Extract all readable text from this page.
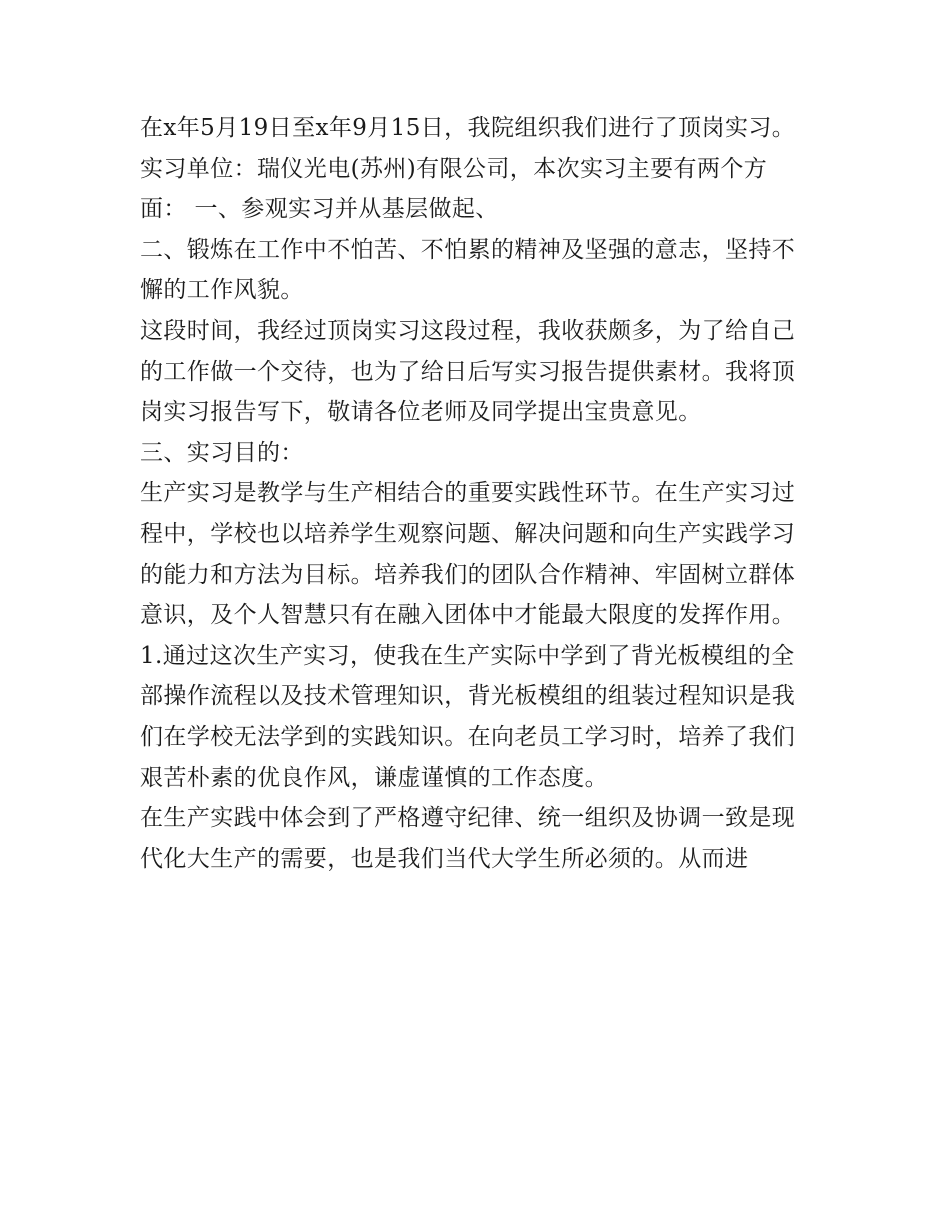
在x年5月19日至x年9月15日，我院组织我们进行了顶岗实习。实习单位：瑞仪光电(苏州)有限公司，本次实习主要有两个方面： 一、参观实习并从基层做起、

二、锻炼在工作中不怕苦、不怕累的精神及坚强的意志，坚持不懈的工作风貌。

这段时间，我经过顶岗实习这段过程，我收获颇多，为了给自己的工作做一个交待，也为了给日后写实习报告提供素材。我将顶岗实习报告写下，敬请各位老师及同学提出宝贵意见。

三、实习目的：

生产实习是教学与生产相结合的重要实践性环节。在生产实习过程中，学校也以培养学生观察问题、解决问题和向生产实践学习的能力和方法为目标。培养我们的团队合作精神、牢固树立群体意识，及个人智慧只有在融入团体中才能最大限度的发挥作用。

1.通过这次生产实习，使我在生产实际中学到了背光板模组的全部操作流程以及技术管理知识，背光板模组的组装过程知识是我们在学校无法学到的实践知识。在向老员工学习时，培养了我们艰苦朴素的优良作风，谦虚谨慎的工作态度。

在生产实践中体会到了严格遵守纪律、统一组织及协调一致是现代化大生产的需要，也是我们当代大学生所必须的。从而进
